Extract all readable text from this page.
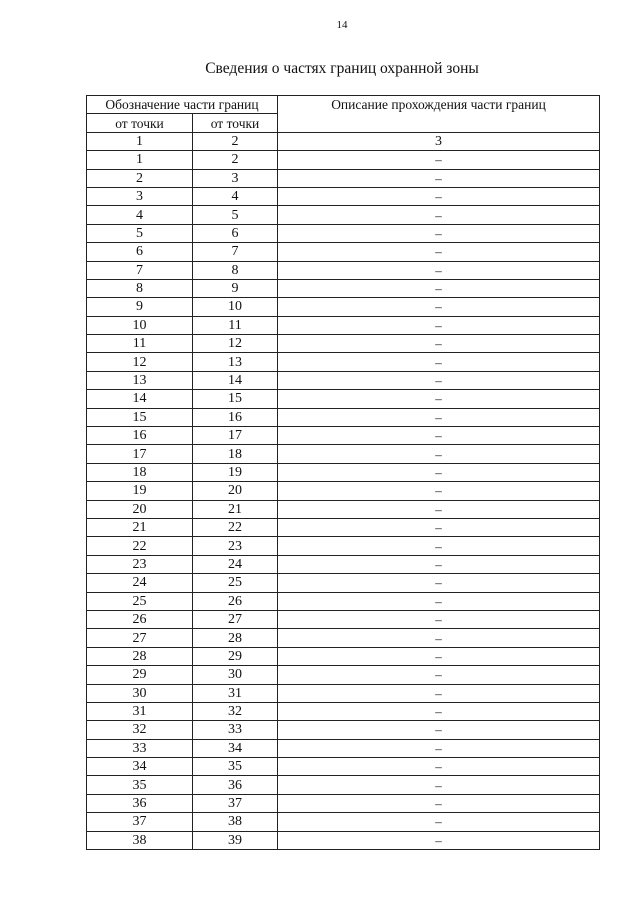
14
Сведения о частях границ охранной зоны
Обозначение части границ		Описание прохождения части границ
от точки	от точки	
1	2	3
1	2	–
2	3	–
3	4	–
4	5	–
5	6	–
6	7	–
7	8	–
8	9	–
9	10	–
10	11	–
11	12	–
12	13	–
13	14	–
14	15	–
15	16	–
16	17	–
17	18	–
18	19	–
19	20	–
20	21	–
21	22	–
22	23	–
23	24	–
24	25	–
25	26	–
26	27	–
27	28	–
28	29	–
29	30	–
30	31	–
31	32	–
32	33	–
33	34	–
34	35	–
35	36	–
36	37	–
37	38	–
38	39	–
